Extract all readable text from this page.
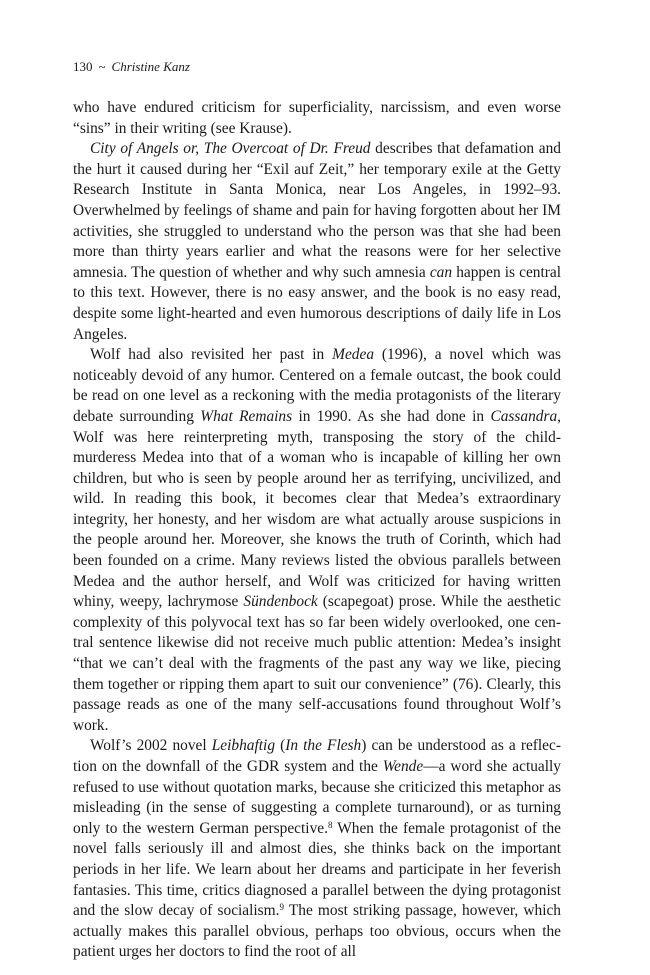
130 ~ Christine Kanz

who have endured criticism for superficiality, narcissism, and even worse “sins” in their writing (see Krause).

City of Angels or, The Overcoat of Dr. Freud describes that defamation and the hurt it caused during her “Exil auf Zeit,” her temporary exile at the Getty Research Institute in Santa Monica, near Los Angeles, in 1992–93. Overwhelmed by feelings of shame and pain for having forgotten about her IM activities, she struggled to understand who the person was that she had been more than thirty years earlier and what the reasons were for her selective amnesia. The question of whether and why such amnesia can happen is central to this text. However, there is no easy answer, and the book is no easy read, despite some light-hearted and even humorous descriptions of daily life in Los Angeles.

Wolf had also revisited her past in Medea (1996), a novel which was noticeably devoid of any humor. Centered on a female outcast, the book could be read on one level as a reckoning with the media protagonists of the literary debate surrounding What Remains in 1990. As she had done in Cassandra, Wolf was here reinterpreting myth, transposing the story of the child-murderess Medea into that of a woman who is incapable of killing her own children, but who is seen by people around her as terrifying, uncivilized, and wild. In reading this book, it becomes clear that Medea’s extraordinary integrity, her honesty, and her wisdom are what actually arouse suspicions in the people around her. Moreover, she knows the truth of Corinth, which had been founded on a crime. Many reviews listed the obvious parallels between Medea and the author herself, and Wolf was criticized for having written whiny, weepy, lachrymose Sündenbock (scapegoat) prose. While the aesthetic complexity of this polyvocal text has so far been widely overlooked, one central sentence likewise did not receive much public attention: Medea’s insight “that we can’t deal with the fragments of the past any way we like, piecing them together or ripping them apart to suit our convenience” (76). Clearly, this passage reads as one of the many self-accusations found throughout Wolf’s work.

Wolf’s 2002 novel Leibhaftig (In the Flesh) can be understood as a reflection on the downfall of the GDR system and the Wende—a word she actually refused to use without quotation marks, because she criticized this metaphor as misleading (in the sense of suggesting a complete turnaround), or as turning only to the western German perspective.$^8$ When the female protagonist of the novel falls seriously ill and almost dies, she thinks back on the important periods in her life. We learn about her dreams and participate in her feverish fantasies. This time, critics diagnosed a parallel between the dying protagonist and the slow decay of socialism.$^9$ The most striking passage, however, which actually makes this parallel obvious, perhaps too obvious, occurs when the patient urges her doctors to find the root of all
